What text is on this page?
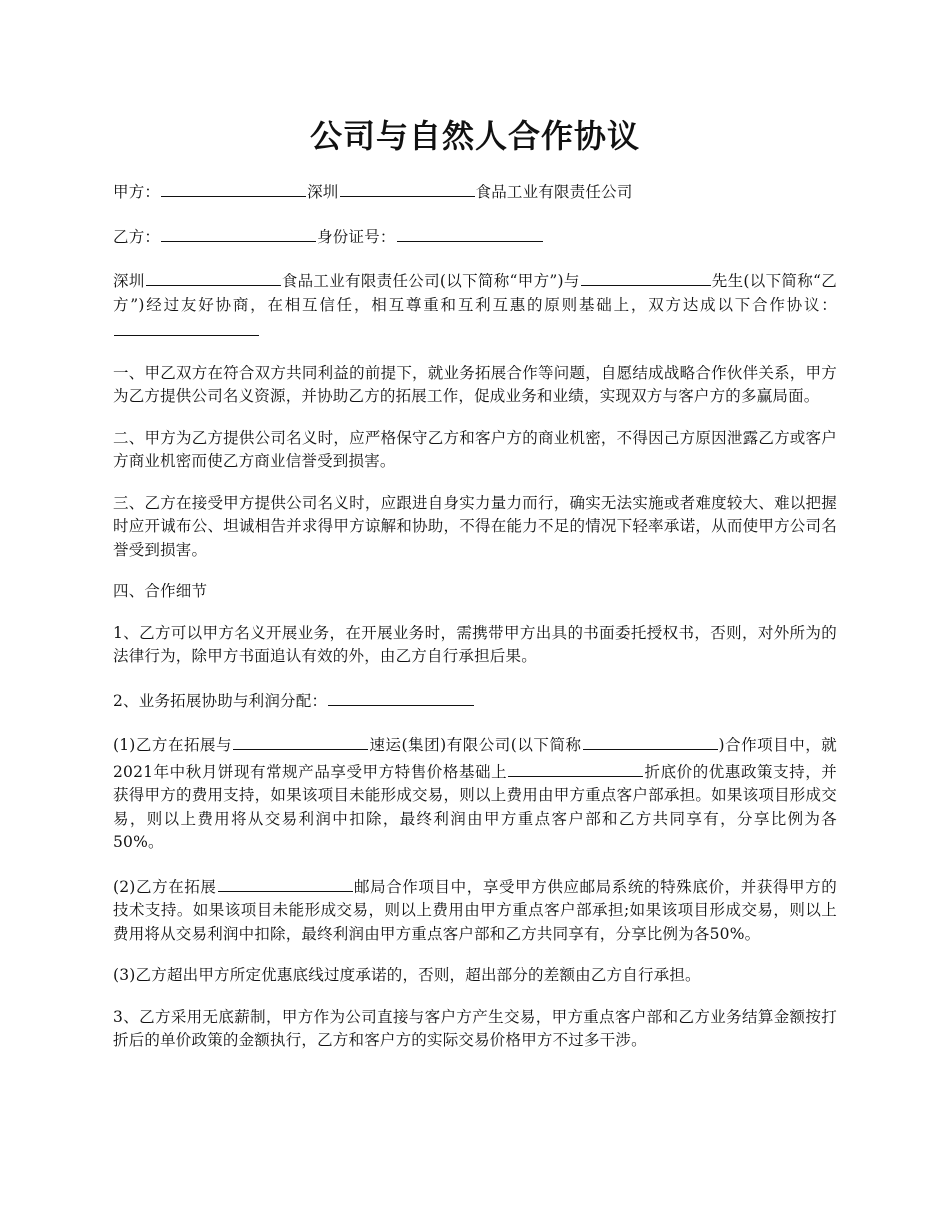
公司与自然人合作协议

甲方：	深圳	食品工业有限责任公司

乙方：	身份证号：

深圳	食品工业有限责任公司(以下简称“甲方”)与	先生(以下简称“乙方”)经过友好协商，在相互信任，相互尊重和互利互惠的原则基础上，双方达成以下合作协议：

一、甲乙双方在符合双方共同利益的前提下，就业务拓展合作等问题，自愿结成战略合作伙伴关系，甲方为乙方提供公司名义资源，并协助乙方的拓展工作，促成业务和业绩，实现双方与客户方的多赢局面。

二、甲方为乙方提供公司名义时，应严格保守乙方和客户方的商业机密，不得因己方原因泄露乙方或客户方商业机密而使乙方商业信誉受到损害。

三、乙方在接受甲方提供公司名义时，应跟进自身实力量力而行，确实无法实施或者难度较大、难以把握时应开诚布公、坦诚相告并求得甲方谅解和协助，不得在能力不足的情况下轻率承诺，从而使甲方公司名誉受到损害。

四、合作细节

1、乙方可以甲方名义开展业务，在开展业务时，需携带甲方出具的书面委托授权书，否则，对外所为的法律行为，除甲方书面追认有效的外，由乙方自行承担后果。

2、业务拓展协助与利润分配：

(1)乙方在拓展与	速运(集团)有限公司(以下简称	)合作项目中，就2021年中秋月饼现有常规产品享受甲方特售价格基础上	折底价的优惠政策支持，并获得甲方的费用支持，如果该项目未能形成交易，则以上费用由甲方重点客户部承担。如果该项目形成交易，则以上费用将从交易利润中扣除，最终利润由甲方重点客户部和乙方共同享有，分享比例为各50%。

(2)乙方在拓展	邮局合作项目中，享受甲方供应邮局系统的特殊底价，并获得甲方的技术支持。如果该项目未能形成交易，则以上费用由甲方重点客户部承担;如果该项目形成交易，则以上费用将从交易利润中扣除，最终利润由甲方重点客户部和乙方共同享有，分享比例为各50%。

(3)乙方超出甲方所定优惠底线过度承诺的，否则，超出部分的差额由乙方自行承担。

3、乙方采用无底薪制，甲方作为公司直接与客户方产生交易，甲方重点客户部和乙方业务结算金额按打折后的单价政策的金额执行，乙方和客户方的实际交易价格甲方不过多干涉。
